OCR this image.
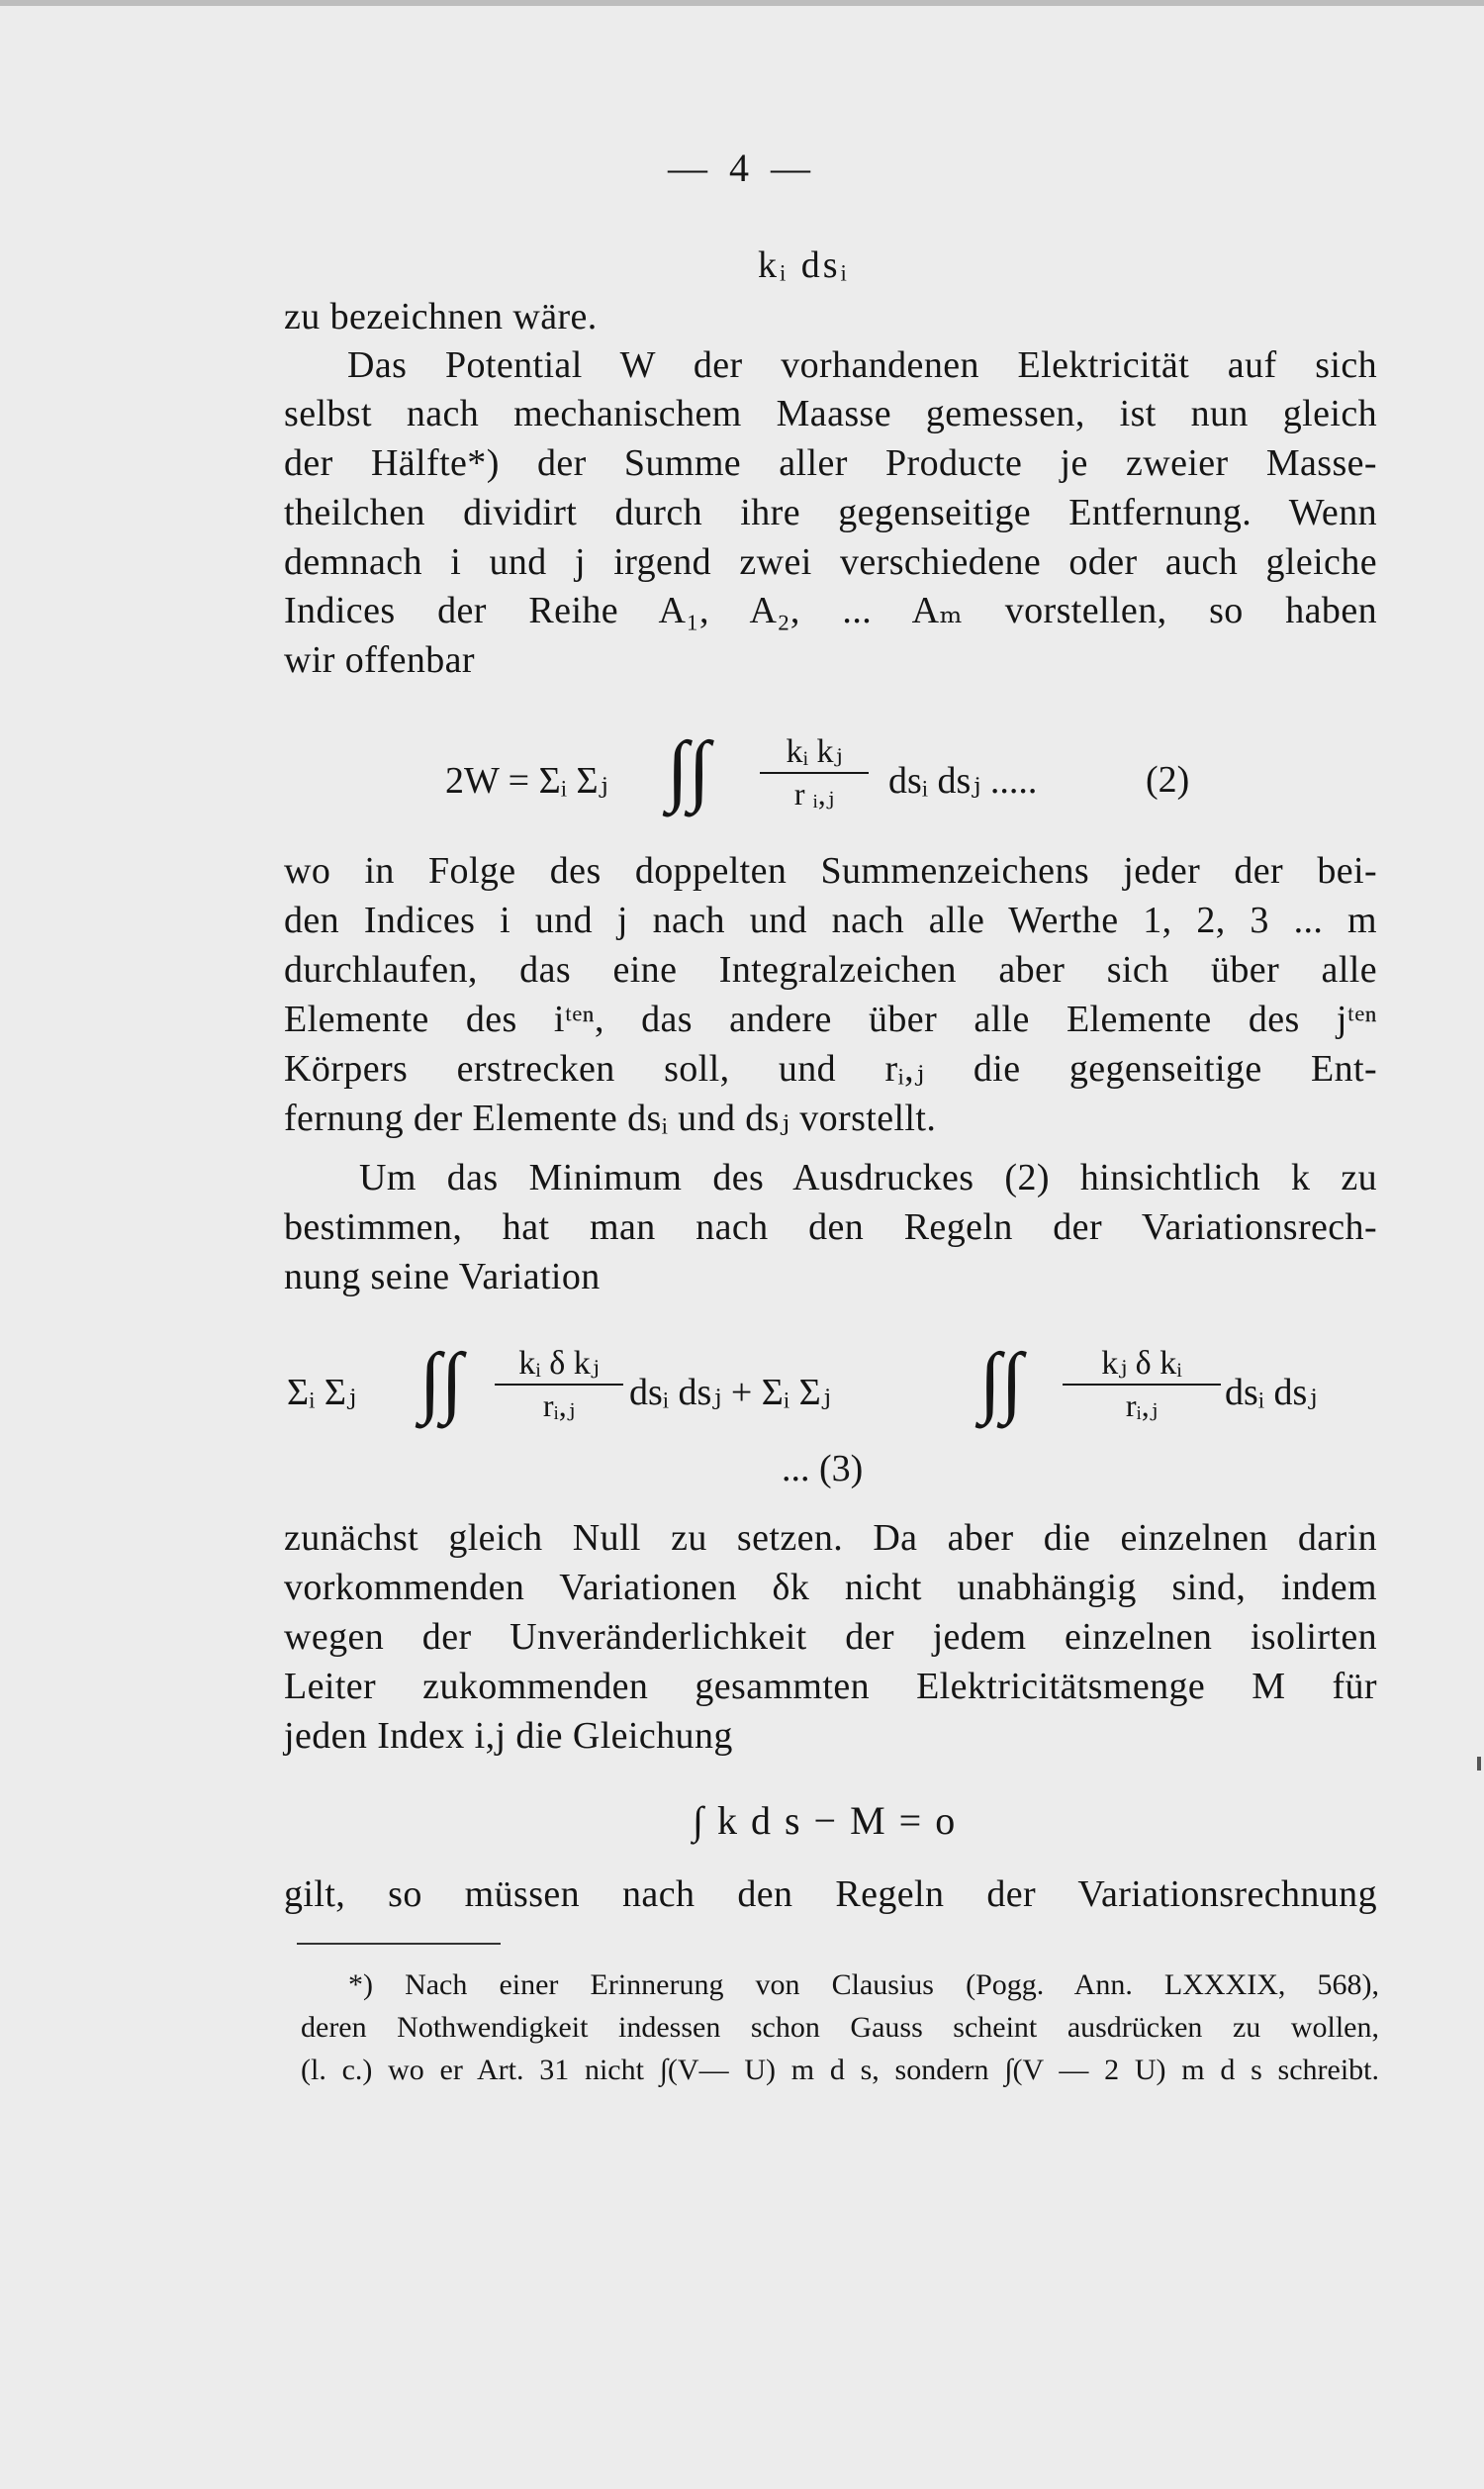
— 4 —
kᵢ dsᵢ
zu bezeichnen wäre.
Das Potential W der vorhandenen Elektricität auf sich
selbst nach mechanischem Maasse gemessen, ist nun gleich
der Hälfte*) der Summe aller Producte je zweier Masse-
theilchen dividirt durch ihre gegenseitige Entfernung. Wenn
demnach i und j irgend zwei verschiedene oder auch gleiche
Indices der Reihe A₁, A₂, ... Aₘ vorstellen, so haben
wir offenbar
2W = Σᵢ Σⱼ ∫∫ $\frac{\text{kᵢ kⱼ}}{\text{r ᵢ,ⱼ}}$ dsᵢ dsⱼ .....	(2)
wo in Folge des doppelten Summenzeichens jeder der bei-
den Indices i und j nach und nach alle Werthe 1, 2, 3 ... m
durchlaufen, das eine Integralzeichen aber sich über alle
Elemente des iᵗᵉⁿ, das andere über alle Elemente des jᵗᵉⁿ
Körpers erstrecken soll, und rᵢ,ⱼ die gegenseitige Ent-
fernung der Elemente dsᵢ und dsⱼ vorstellt.
Um das Minimum des Ausdruckes (2) hinsichtlich k zu
bestimmen, hat man nach den Regeln der Variationsrech-
nung seine Variation
Σᵢ Σⱼ ∫∫ $\frac{\text{kᵢ δ kⱼ}}{\text{rᵢ,ⱼ}}$ dsᵢ dsⱼ + Σᵢ Σⱼ ∫∫ $\frac{\text{kⱼ δ kᵢ}}{\text{rᵢ,ⱼ}}$ dsᵢ dsⱼ
... (3)
zunächst gleich Null zu setzen. Da aber die einzelnen darin
vorkommenden Variationen δk nicht unabhängig sind, indem
wegen der Unveränderlichkeit der jedem einzelnen isolirten
Leiter zukommenden gesammten Elektricitätsmenge M für
jeden Index i,j die Gleichung
∫ k d s − M = o
gilt, so müssen nach den Regeln der Variationsrechnung
*) Nach einer Erinnerung von Clausius (Pogg. Ann. LXXXIX, 568),
deren Nothwendigkeit indessen schon Gauss scheint ausdrücken zu wollen,
(l. c.) wo er Art. 31 nicht ∫(V— U) m d s, sondern ∫(V — 2 U) m d s schreibt.
